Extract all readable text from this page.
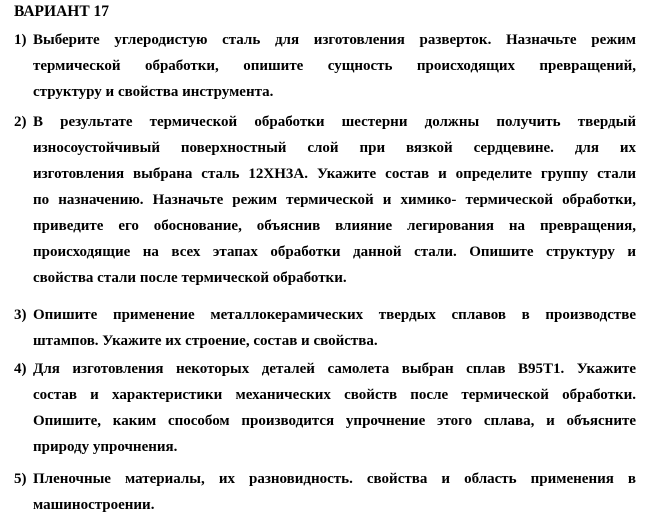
ВАРИАНТ 17
1) Выберите углеродистую сталь для изготовления разверток. Назначьте режим
термической обработки, опишите сущность происходящих превращений,
структуру и свойства инструмента.
2) В результате термической обработки шестерни должны получить твердый
износоустойчивый поверхностный слой при вязкой сердцевине. для их
изготовления выбрана сталь 12ХН3А. Укажите состав и определите группу стали
по назначению. Назначьте режим термической и химико- термической обработки,
приведите его обоснование, объяснив влияние легирования на превращения,
происходящие на всех этапах обработки данной стали. Опишите структуру и
свойства стали после термической обработки.
3) Опишите применение металлокерамических твердых сплавов в производстве
штампов. Укажите их строение, состав и свойства.
4) Для изготовления некоторых деталей самолета выбран сплав В95Т1. Укажите
состав и характеристики механических свойств после термической обработки.
Опишите, каким способом производится упрочнение этого сплава, и объясните
природу упрочнения.
5) Пленочные материалы, их разновидность. свойства и область применения в
машиностроении.
